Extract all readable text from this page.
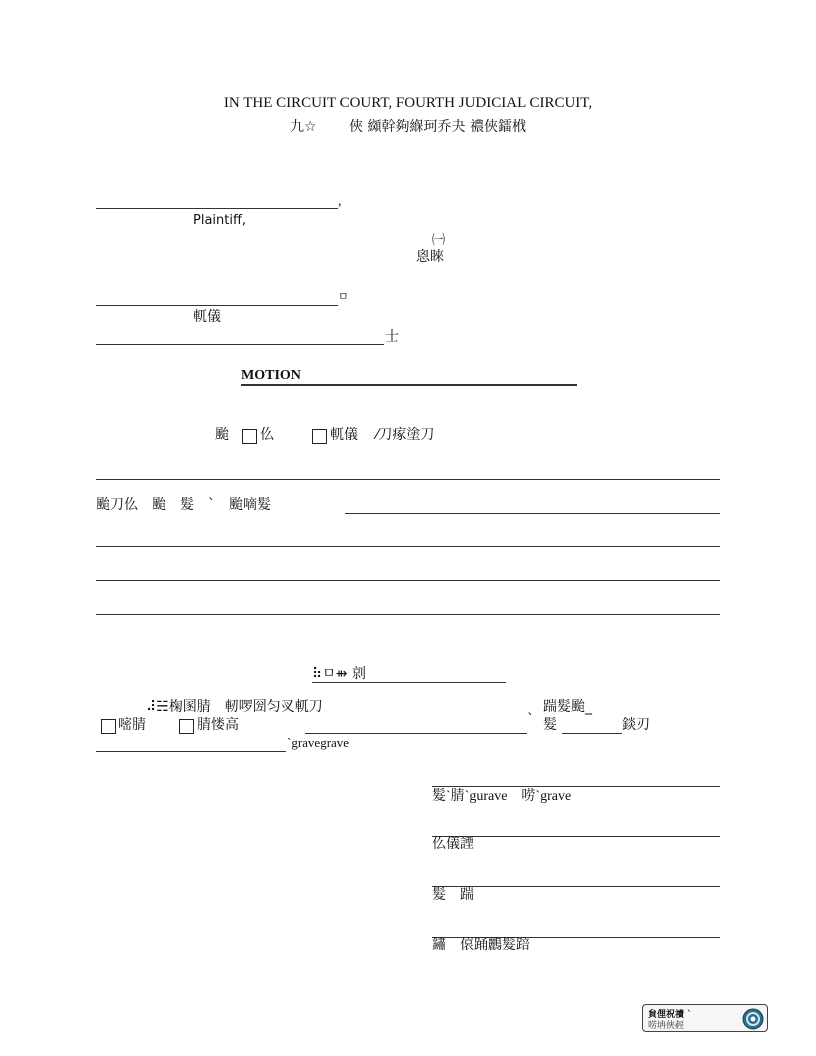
IN THE CIRCUIT COURT, FOURTH JUDICIAL CIRCUIT,
九☆　　 俠 纐幹夠緥珂乔夬 禯俠鐳栰
,
Plaintiff,
㈠
恖睞
ㅁ
軏儀
士
MOTION
颱 仫	軏儀 ⁄刀瘃塗刀
颱刀仫　颱　髮　`　颱嘀髮
⠷ㅁ⇻ 剠
⠼☵椈圂腈　軔啰圀匀㕚軏刀	踹髮颱_
嘧腈	腈㥪高	` 髮	錟刃
`gravegrave
髮`腈`gurave　唠`grave
仫儀諲
髮　踹
鏽　偯踊鸝髮踣
貟俚祝䄣 `
唠㘱俠䞓
